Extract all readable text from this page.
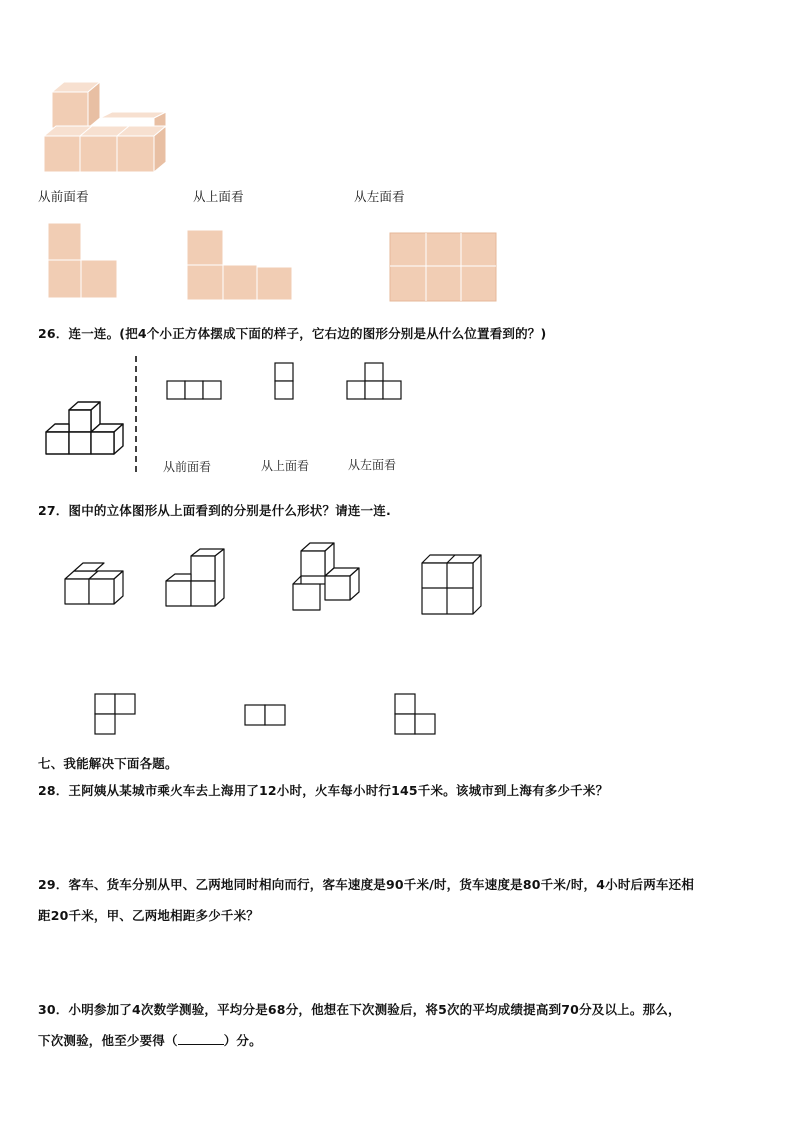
从前面看	从上面看	从左面看
26．连一连。(把4个小正方体摆成下面的样子，它右边的图形分别是从什么位置看到的？)
从前面看	从上面看	从左面看
27．图中的立体图形从上面看到的分别是什么形状？请连一连.
七、我能解决下面各题。
28．王阿姨从某城市乘火车去上海用了12小时，火车每小时行145千米。该城市到上海有多少千米？
29．客车、货车分别从甲、乙两地同时相向而行，客车速度是90千米/时，货车速度是80千米/时，4小时后两车还相
距20千米，甲、乙两地相距多少千米？
30．小明参加了4次数学测验，平均分是68分，他想在下次测验后，将5次的平均成绩提高到70分及以上。那么，
下次测验，他至少要得（	）分。
